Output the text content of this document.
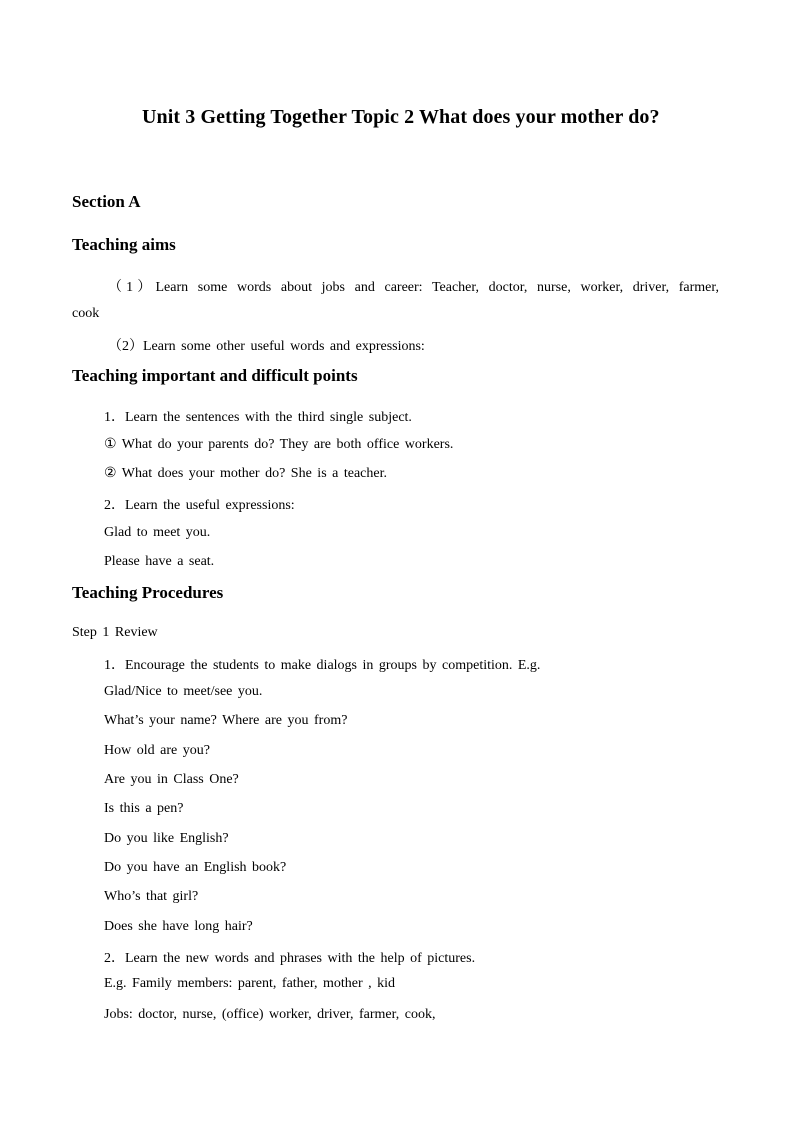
Unit 3 Getting Together Topic 2 What does your mother do?
Section A
Teaching aims
（1）Learn some words about jobs and career: Teacher, doctor, nurse, worker, driver, farmer,
cook
（2）Learn some other useful words and expressions:
Teaching important and difficult points
1．Learn the sentences with the third single subject.
① What do your parents do? They are both office workers.
② What does your mother do? She is a teacher.
2．Learn the useful expressions:
Glad to meet you.
Please have a seat.
Teaching Procedures
Step 1 Review
1．Encourage the students to make dialogs in groups by competition. E.g.
Glad/Nice to meet/see you.
What’s your name? Where are you from?
How old are you?
Are you in Class One?
Is this a pen?
Do you like English?
Do you have an English book?
Who’s that girl?
Does she have long hair?
2．Learn the new words and phrases with the help of pictures.
E.g. Family members: parent, father, mother , kid
Jobs: doctor, nurse, (office) worker, driver, farmer, cook,
